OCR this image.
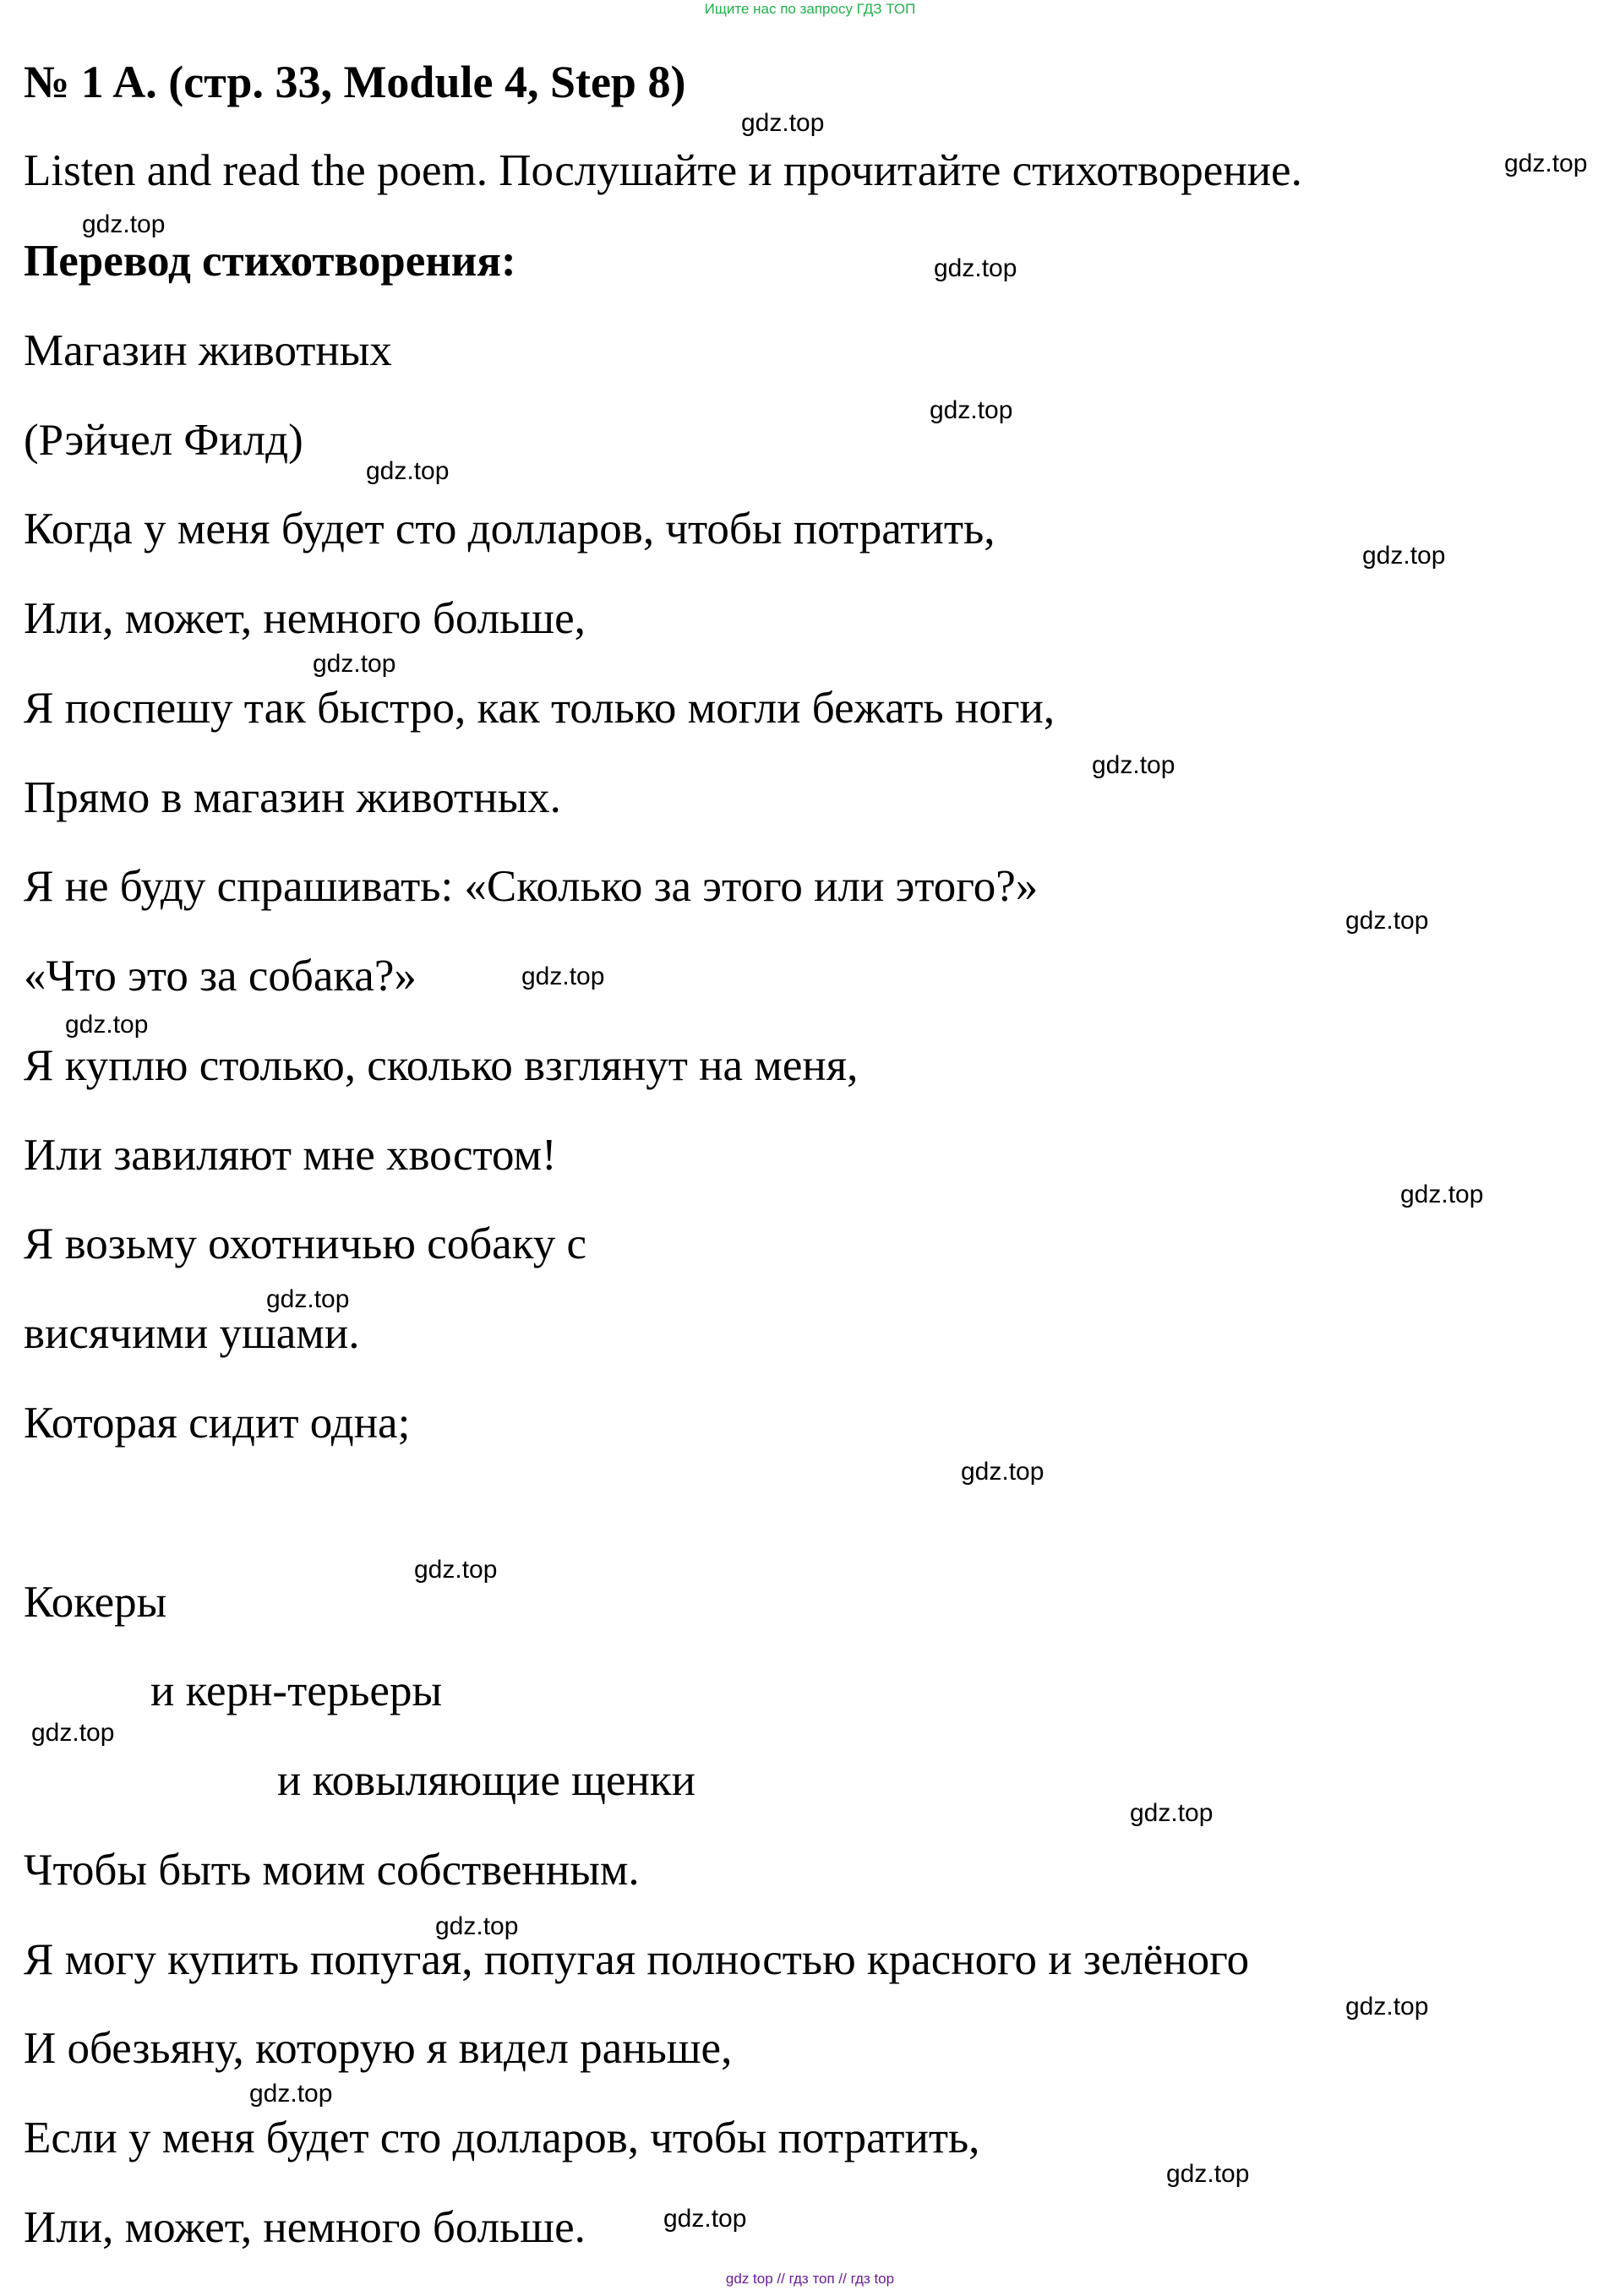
Ищите нас по запросу ГДЗ ТОП
№ 1 A. (стр. 33, Module 4, Step 8)
Listen and read the poem. Послушайте и прочитайте стихотворение.
Перевод стихотворения:
Магазин животных
(Рэйчел Филд)
Когда у меня будет сто долларов, чтобы потратить,
Или, может, немного больше,
Я поспешу так быстро, как только могли бежать ноги,
Прямо в магазин животных.
Я не буду спрашивать: «Сколько за этого или этого?»
«Что это за собака?»
Я куплю столько, сколько взглянут на меня,
Или завиляют мне хвостом!
Я возьму охотничью собаку с
висячими ушами.
Которая сидит одна;
Кокеры
и керн-терьеры
и ковыляющие щенки
Чтобы быть моим собственным.
Я могу купить попугая, попугая полностью красного и зелёного
И обезьяну, которую я видел раньше,
Если у меня будет сто долларов, чтобы потратить,
Или, может, немного больше.
gdz.top
gdz.top
gdz.top
gdz.top
gdz.top
gdz.top
gdz.top
gdz.top
gdz.top
gdz.top
gdz.top
gdz.top
gdz.top
gdz.top
gdz.top
gdz.top
gdz.top
gdz.top
gdz.top
gdz.top
gdz.top
gdz.top
gdz.top
gdz top // гдз топ // гдз top
